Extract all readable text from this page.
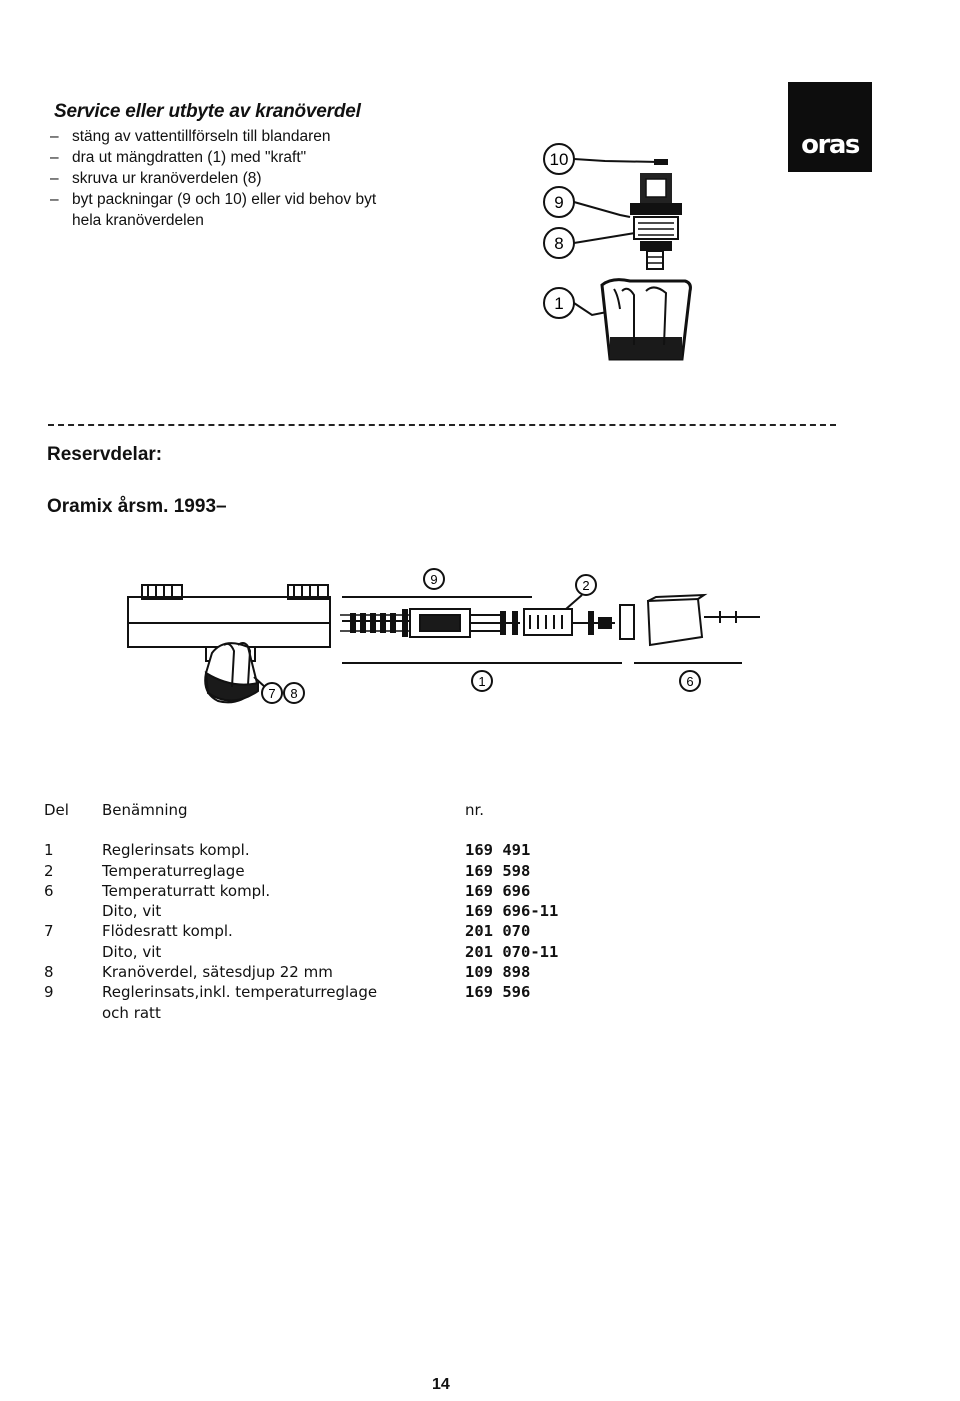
Service eller utbyte av kranöverdel
– stäng av vattentillförseln till blandaren
– dra ut mängdratten (1) med "kraft"
– skruva ur kranöverdelen (8)
– byt packningar (9 och 10) eller vid behov byt
hela kranöverdelen
oras
10
9
8
1
Reservdelar:
Oramix årsm. 1993–
7 8
9	2
1	6
Del	Benämning	nr.
1	Reglerinsats kompl.	169 491
2	Temperaturreglage	169 598
6	Temperaturratt kompl.	169 696
	Dito, vit	169 696-11
7	Flödesratt kompl.	201 070
	Dito, vit	201 070-11
8	Kranöverdel, sätesdjup 22 mm	109 898
9	Reglerinsats,inkl. temperaturreglage	169 596
	och ratt	
14
